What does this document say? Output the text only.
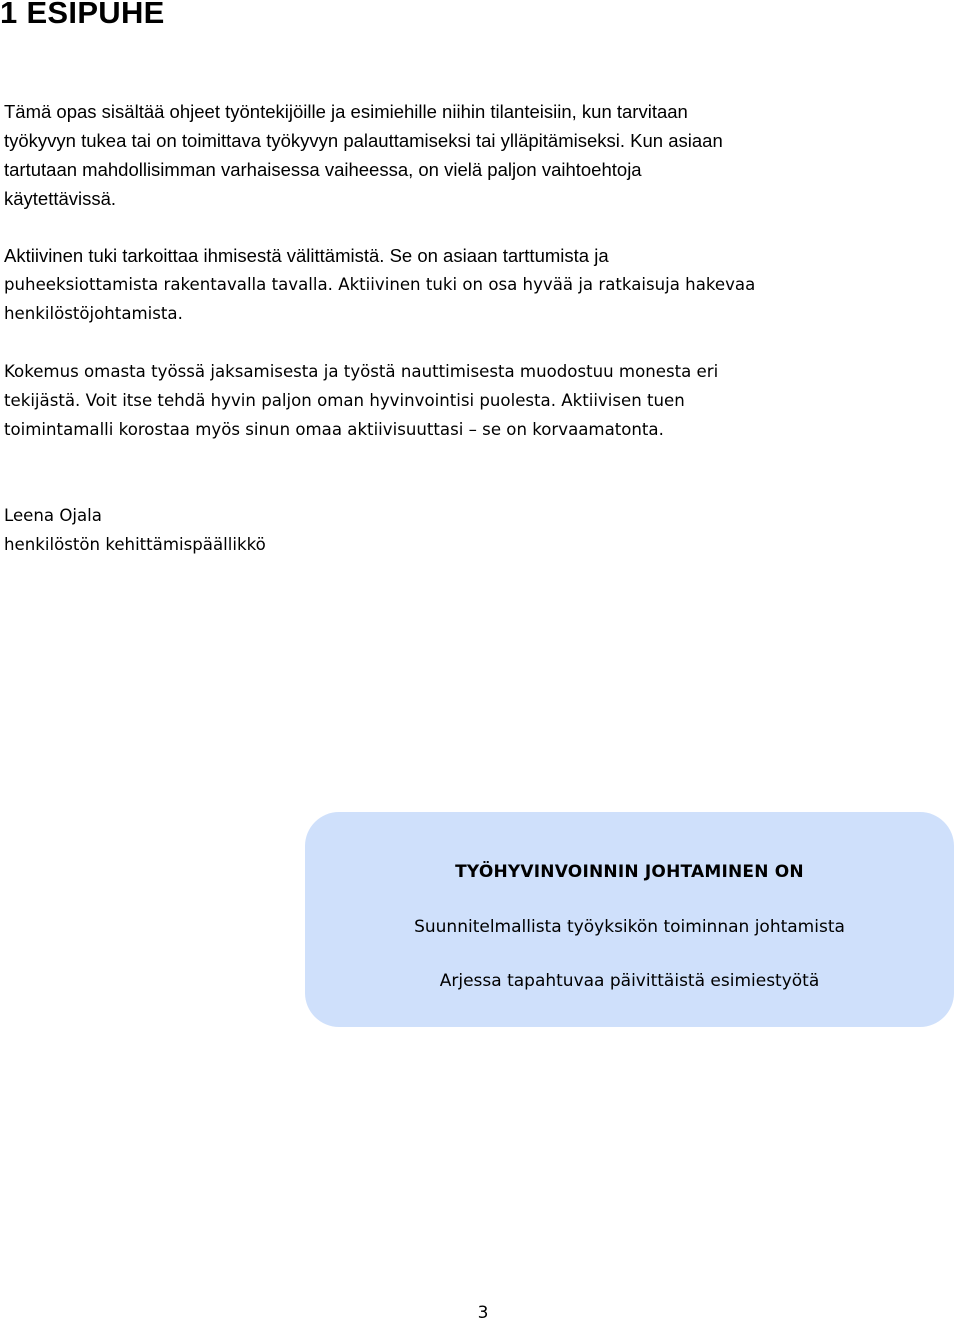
1 ESIPUHE
Tämä opas sisältää ohjeet työntekijöille ja esimiehille niihin tilanteisiin, kun tarvitaan
työkyvyn tukea tai on toimittava työkyvyn palauttamiseksi tai ylläpitämiseksi. Kun asiaan
tartutaan mahdollisimman varhaisessa vaiheessa, on vielä paljon vaihtoehtoja
käytettävissä.
Aktiivinen tuki tarkoittaa ihmisestä välittämistä. Se on asiaan tarttumista ja
puheeksiottamista rakentavalla tavalla. Aktiivinen tuki on osa hyvää ja ratkaisuja hakevaa
henkilöstöjohtamista.
Kokemus omasta työssä jaksamisesta ja työstä nauttimisesta muodostuu monesta eri
tekijästä. Voit itse tehdä hyvin paljon oman hyvinvointisi puolesta. Aktiivisen tuen
toimintamalli korostaa myös sinun omaa aktiivisuuttasi – se on korvaamatonta.
Leena Ojala
henkilöstön kehittämispäällikkö
TYÖHYVINVOINNIN JOHTAMINEN ON
Suunnitelmallista työyksikön toiminnan johtamista
Arjessa tapahtuvaa päivittäistä esimiestyötä
3
